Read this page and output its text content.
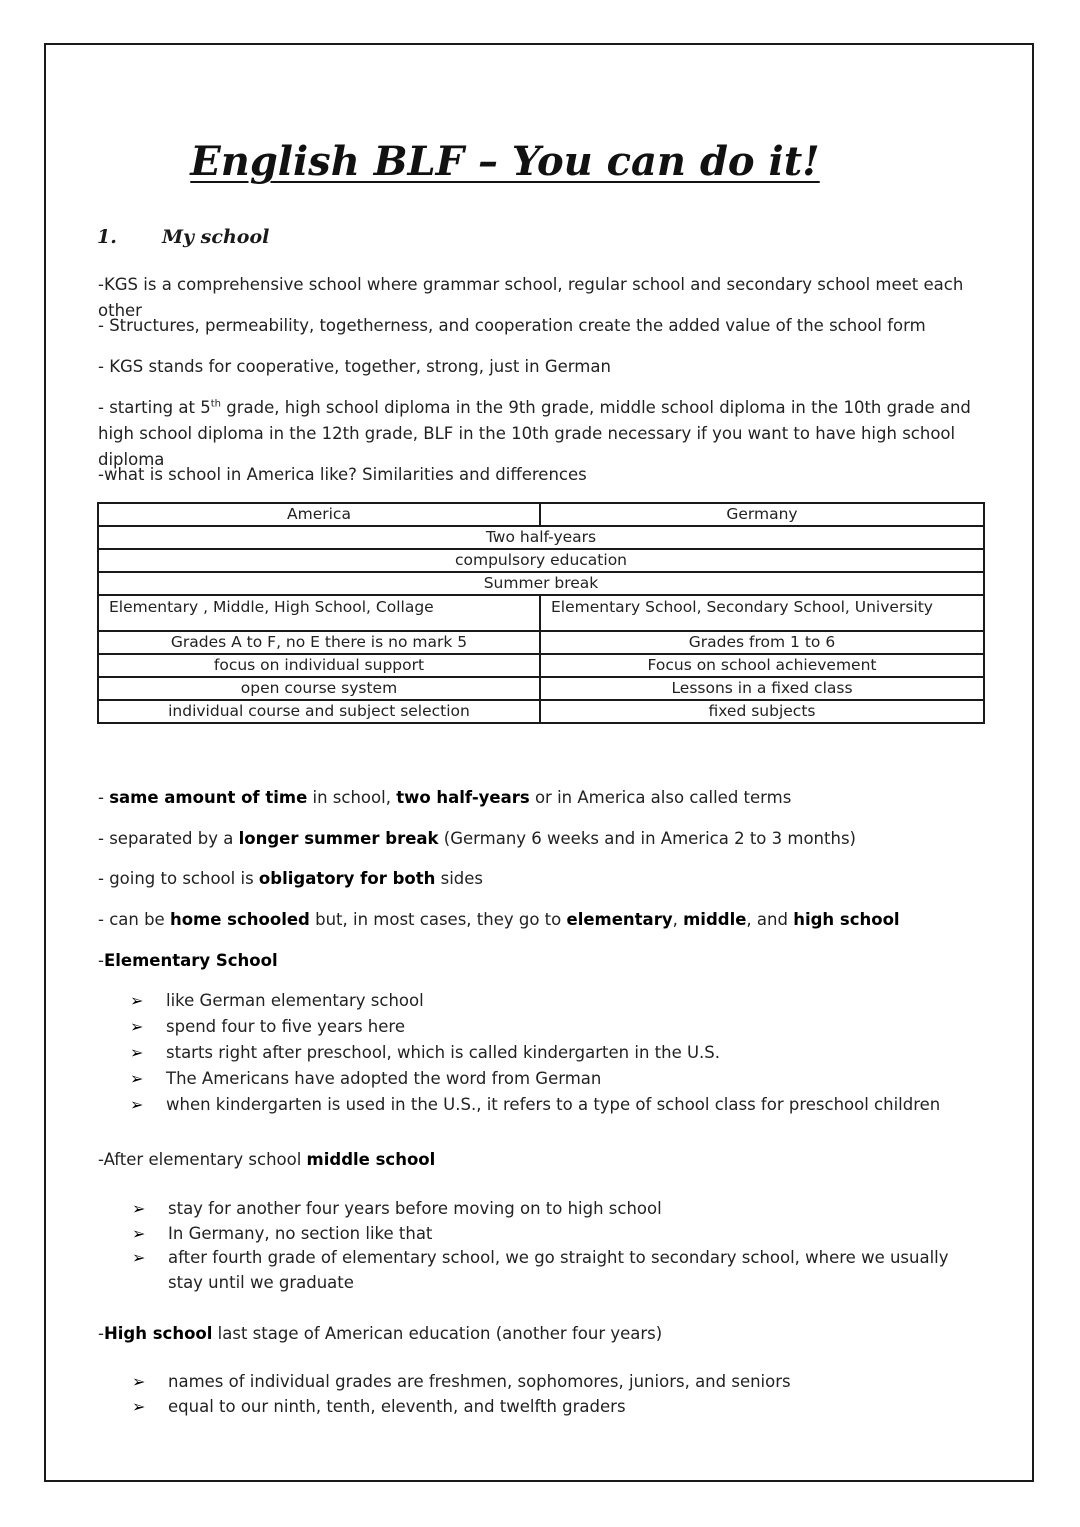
English BLF – You can do it!
1. My school
-KGS is a comprehensive school where grammar school, regular school and secondary school meet each other
- Structures, permeability, togetherness, and cooperation create the added value of the school form
- KGS stands for cooperative, together, strong, just in German
- starting at 5th grade, high school diploma in the 9th grade, middle school diploma in the 10th grade and high school diploma in the 12th grade, BLF in the 10th grade necessary if you want to have high school diploma
-what is school in America like? Similarities and differences
America	Germany
Two half-years	
compulsory education	
Summer break	
Elementary , Middle, High School, Collage	Elementary School, Secondary School, University
Grades A to F, no E there is no mark 5	Grades from 1 to 6
focus on individual support	Focus on school achievement
open course system	Lessons in a fixed class
individual course and subject selection	fixed subjects
- same amount of time in school, two half-years or in America also called terms
- separated by a longer summer break (Germany 6 weeks and in America 2 to 3 months)
- going to school is obligatory for both sides
- can be home schooled but, in most cases, they go to elementary, middle, and high school
-Elementary School
➢ like German elementary school
➢ spend four to five years here
➢ starts right after preschool, which is called kindergarten in the U.S.
➢ The Americans have adopted the word from German
➢ when kindergarten is used in the U.S., it refers to a type of school class for preschool children
-After elementary school middle school
➢ stay for another four years before moving on to high school
➢ In Germany, no section like that
➢ after fourth grade of elementary school, we go straight to secondary school, where we usually stay until we graduate
-High school last stage of American education (another four years)
➢ names of individual grades are freshmen, sophomores, juniors, and seniors
➢ equal to our ninth, tenth, eleventh, and twelfth graders
